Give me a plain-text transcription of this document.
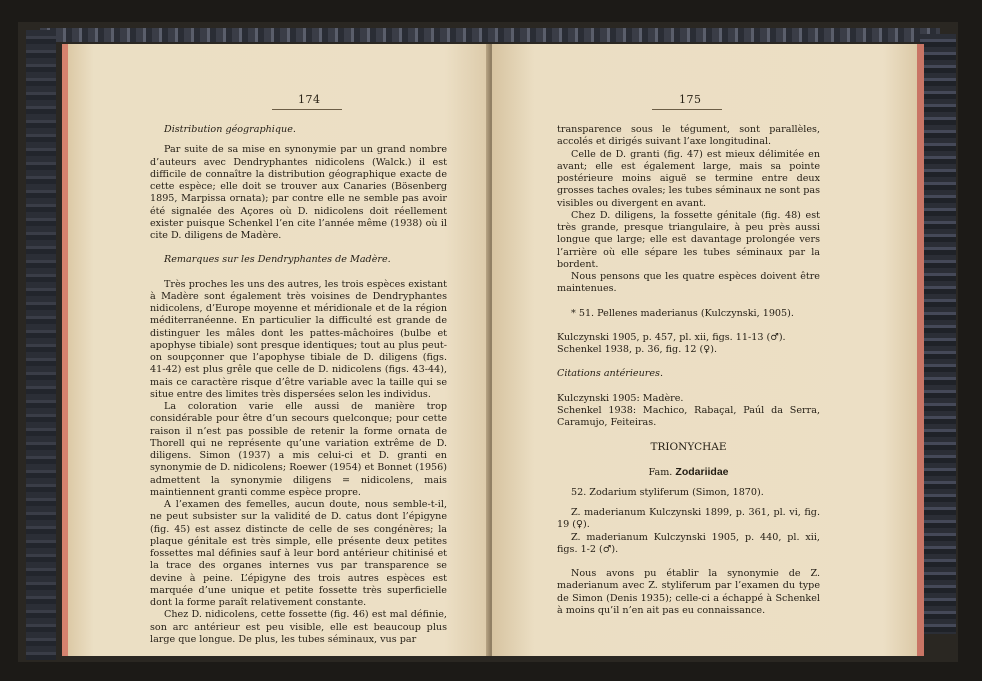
174

Distribution géographique.

Par suite de sa mise en synonymie par un grand nombre d’auteurs avec Dendryphantes nidicolens (Walck.) il est difficile de connaître la distribution géographique exacte de cette espèce; elle doit se trouver aux Canaries (Bösenberg 1895, Marpissa ornata); par contre elle ne semble pas avoir été signalée des Açores où D. nidicolens doit réellement exister puisque Schenkel l’en cite l’année même (1938) où il cite D. diligens de Madère.

Remarques sur les Dendryphantes de Madère.

Très proches les uns des autres, les trois espèces existant à Madère sont également très voisines de Dendryphantes nidicolens, d’Europe moyenne et méridionale et de la région méditerranéenne. En particulier la difficulté est grande de distinguer les mâles dont les pattes-mâchoires (bulbe et apophyse tibiale) sont presque identiques; tout au plus peut-on soupçonner que l’apophyse tibiale de D. diligens (figs. 41-42) est plus grêle que celle de D. nidicolens (figs. 43-44), mais ce caractère risque d’être variable avec la taille qui se situe entre des limites très dispersées selon les individus.

La coloration varie elle aussi de manière trop considérable pour être d’un secours quelconque; pour cette raison il n’est pas possible de retenir la forme ornata de Thorell qui ne représente qu’une variation extrême de D. diligens. Simon (1937) a mis celui-ci et D. granti en synonymie de D. nidicolens; Roewer (1954) et Bonnet (1956) admettent la synonymie diligens = nidicolens, mais maintiennent granti comme espèce propre.

A l’examen des femelles, aucun doute, nous semble-t-il, ne peut subsister sur la validité de D. catus dont l’épigyne (fig. 45) est assez distincte de celle de ses congénères; la plaque génitale est très simple, elle présente deux petites fossettes mal définies sauf à leur bord antérieur chitinisé et la trace des organes internes vus par transparence se devine à peine. L’épigyne des trois autres espèces est marquée d’une unique et petite fossette très superficielle dont la forme paraît relativement constante.

Chez D. nidicolens, cette fossette (fig. 46) est mal définie, son arc antérieur est peu visible, elle est beaucoup plus large que longue. De plus, les tubes séminaux, vus par

175

transparence sous le tégument, sont parallèles, accolés et dirigés suivant l’axe longitudinal.

Celle de D. granti (fig. 47) est mieux délimitée en avant; elle est également large, mais sa pointe postérieure moins aiguë se termine entre deux grosses taches ovales; les tubes séminaux ne sont pas visibles ou divergent en avant.

Chez D. diligens, la fossette génitale (fig. 48) est très grande, presque triangulaire, à peu près aussi longue que large; elle est davantage prolongée vers l’arrière où elle sépare les tubes séminaux par la bordent.

Nous pensons que les quatre espèces doivent être maintenues.

* 51. Pellenes maderianus (Kulczynski, 1905).

Kulczynski 1905, p. 457, pl. xii, figs. 11-13 (♂).

Schenkel 1938, p. 36, fig. 12 (♀).

Citations antérieures.

Kulczynski 1905: Madère.

Schenkel 1938: Machico, Rabaçal, Paúl da Serra, Caramujo, Feiteiras.

TRIONYCHAE

Fam. Zodariidae

52. Zodarium styliferum (Simon, 1870).

Z. maderianum Kulczynski 1899, p. 361, pl. vi, fig. 19 (♀).

Z. maderianum Kulczynski 1905, p. 440, pl. xii, figs. 1-2 (♂).

Nous avons pu établir la synonymie de Z. maderianum avec Z. styliferum par l’examen du type de Simon (Denis 1935); celle-ci a échappé à Schenkel à moins qu’il n’en ait pas eu connaissance.
